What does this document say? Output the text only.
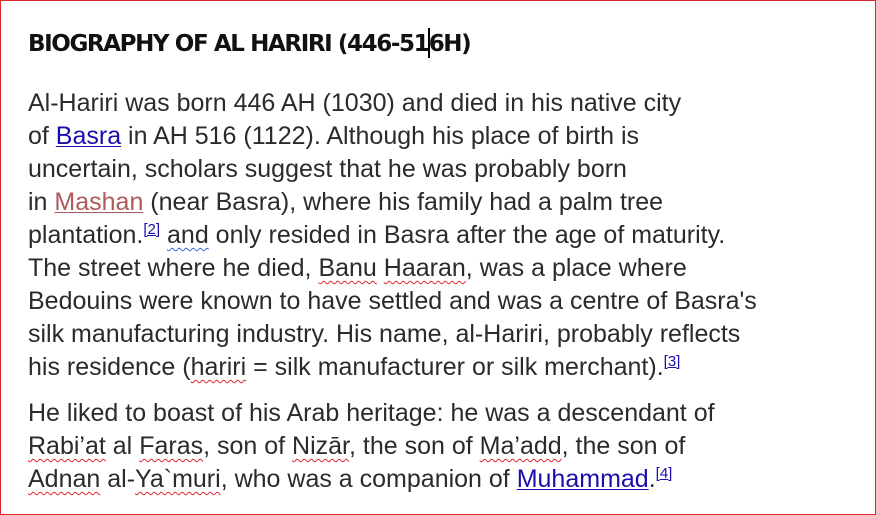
BIOGRAPHY OF AL HARIRI (446-516H)

Al-Hariri was born 446 AH (1030) and died in his native city
of Basra in AH 516 (1122). Although his place of birth is
uncertain, scholars suggest that he was probably born
in Mashan (near Basra), where his family had a palm tree
plantation.[2] and only resided in Basra after the age of maturity.
The street where he died, Banu Haaran, was a place where
Bedouins were known to have settled and was a centre of Basra's
silk manufacturing industry. His name, al-Hariri, probably reflects
his residence (hariri = silk manufacturer or silk merchant).[3]

He liked to boast of his Arab heritage: he was a descendant of
Rabi’at al Faras, son of Nizār, the son of Ma’add, the son of
Adnan al-Ya`muri, who was a companion of Muhammad.[4]
